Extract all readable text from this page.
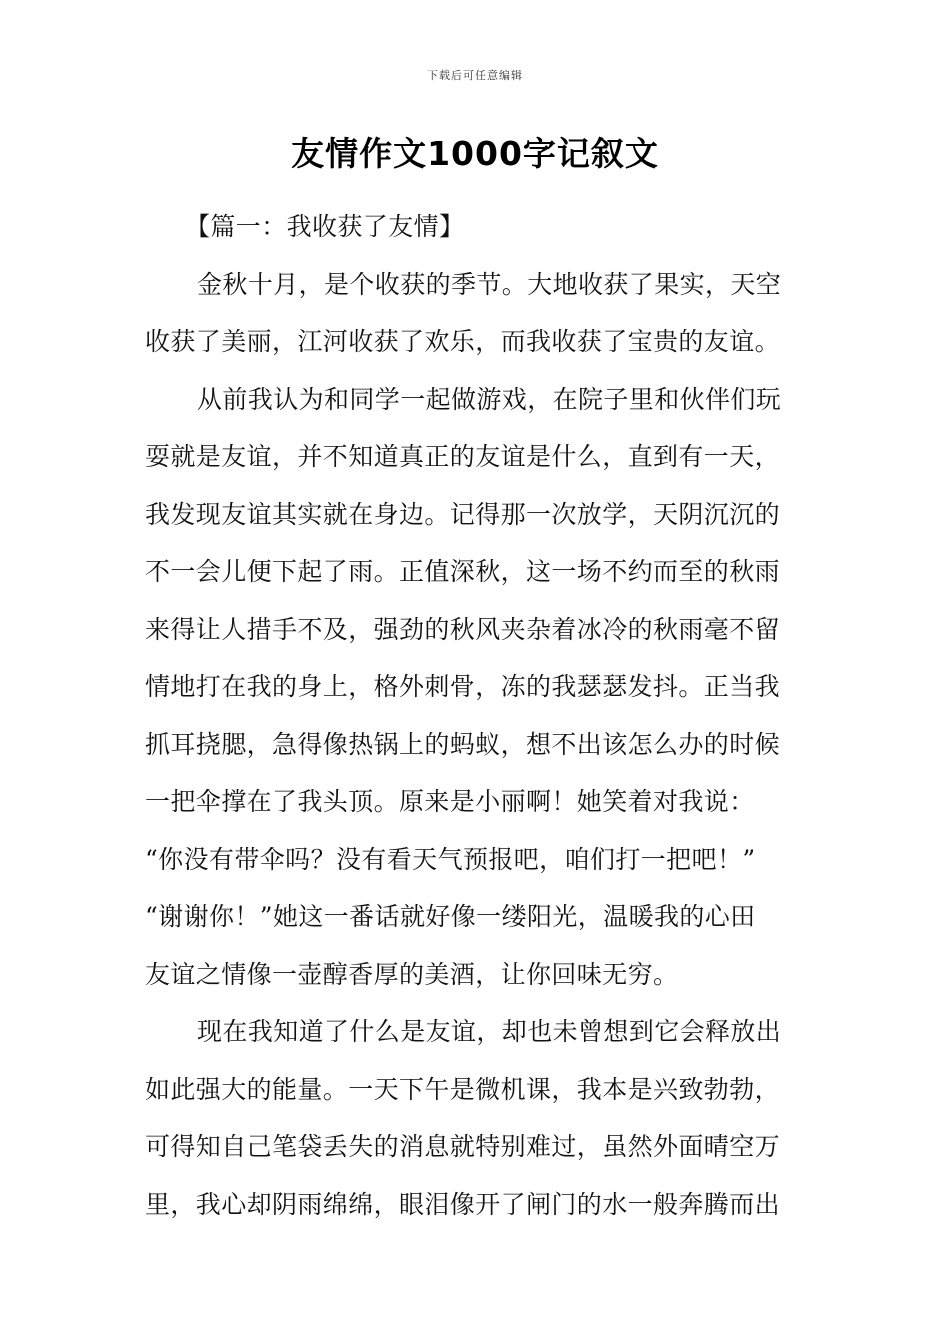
下载后可任意编辑
友情作文1000字记叙文
【篇一：我收获了友情】
金秋十月，是个收获的季节。大地收获了果实，天空
收获了美丽，江河收获了欢乐，而我收获了宝贵的友谊。
从前我认为和同学一起做游戏，在院子里和伙伴们玩
耍就是友谊，并不知道真正的友谊是什么，直到有一天，
我发现友谊其实就在身边。记得那一次放学，天阴沉沉的
不一会儿便下起了雨。正值深秋，这一场不约而至的秋雨
来得让人措手不及，强劲的秋风夹杂着冰冷的秋雨毫不留
情地打在我的身上，格外刺骨，冻的我瑟瑟发抖。正当我
抓耳挠腮，急得像热锅上的蚂蚁，想不出该怎么办的时候
一把伞撑在了我头顶。原来是小丽啊！她笑着对我说：
“你没有带伞吗？没有看天气预报吧，咱们打一把吧！”
“谢谢你！”她这一番话就好像一缕阳光，温暖我的心田
友谊之情像一壶醇香厚的美酒，让你回味无穷。
现在我知道了什么是友谊，却也未曾想到它会释放出
如此强大的能量。一天下午是微机课，我本是兴致勃勃，
可得知自己笔袋丢失的消息就特别难过，虽然外面晴空万
里，我心却阴雨绵绵，眼泪像开了闸门的水一般奔腾而出
